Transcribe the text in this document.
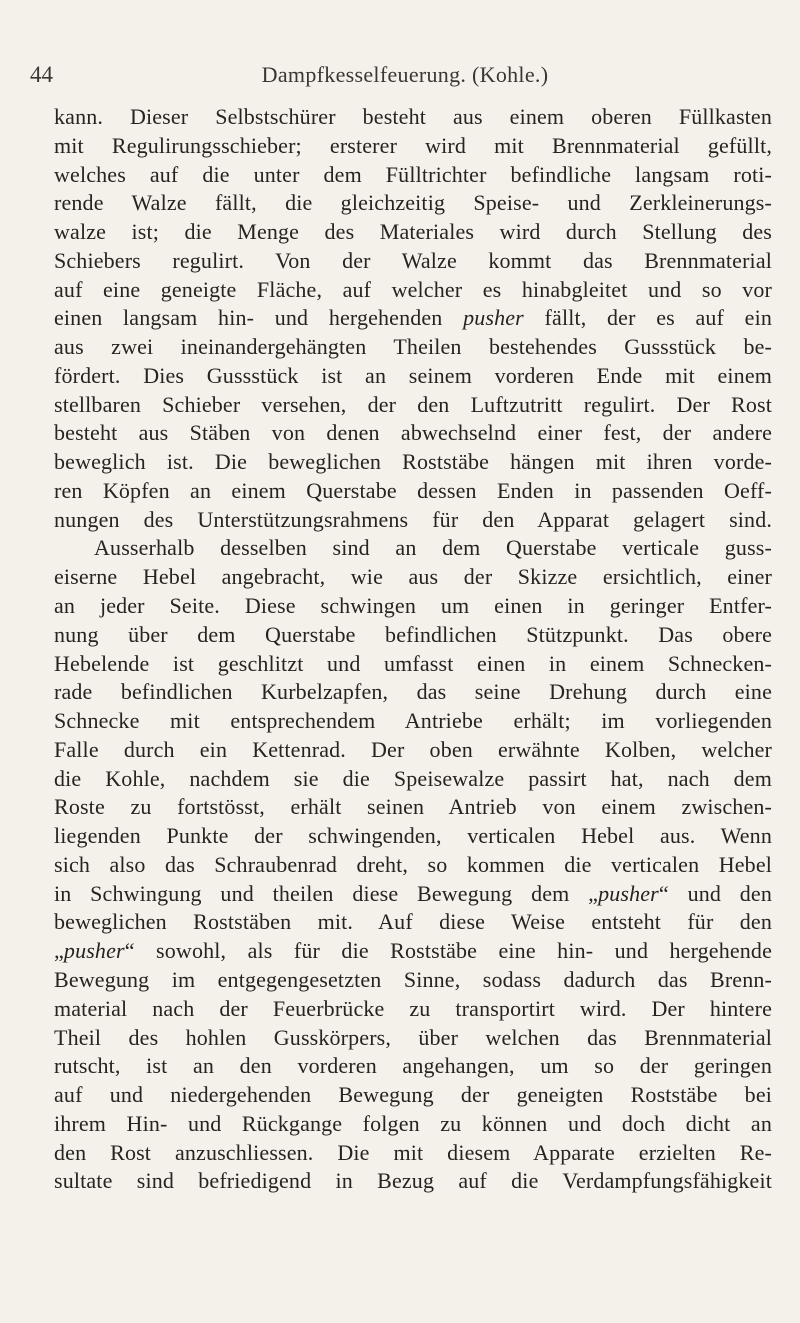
44	Dampfkesselfeuerung. (Kohle.)
kann. Dieser Selbstschürer besteht aus einem oberen Füllkasten
mit Regulirungsschieber; ersterer wird mit Brennmaterial gefüllt,
welches auf die unter dem Fülltrichter befindliche langsam roti-
rende Walze fällt, die gleichzeitig Speise- und Zerkleinerungs-
walze ist; die Menge des Materiales wird durch Stellung des
Schiebers regulirt. Von der Walze kommt das Brennmaterial
auf eine geneigte Fläche, auf welcher es hinabgleitet und so vor
einen langsam hin- und hergehenden pusher fällt, der es auf ein
aus zwei ineinandergehängten Theilen bestehendes Gussstück be-
fördert. Dies Gussstück ist an seinem vorderen Ende mit einem
stellbaren Schieber versehen, der den Luftzutritt regulirt. Der Rost
besteht aus Stäben von denen abwechselnd einer fest, der andere
beweglich ist. Die beweglichen Roststäbe hängen mit ihren vorde-
ren Köpfen an einem Querstabe dessen Enden in passenden Oeff-
nungen des Unterstützungsrahmens für den Apparat gelagert sind.
Ausserhalb desselben sind an dem Querstabe verticale guss-
eiserne Hebel angebracht, wie aus der Skizze ersichtlich, einer
an jeder Seite. Diese schwingen um einen in geringer Entfer-
nung über dem Querstabe befindlichen Stützpunkt. Das obere
Hebelende ist geschlitzt und umfasst einen in einem Schnecken-
rade befindlichen Kurbelzapfen, das seine Drehung durch eine
Schnecke mit entsprechendem Antriebe erhält; im vorliegenden
Falle durch ein Kettenrad. Der oben erwähnte Kolben, welcher
die Kohle, nachdem sie die Speisewalze passirt hat, nach dem
Roste zu fortstösst, erhält seinen Antrieb von einem zwischen-
liegenden Punkte der schwingenden, verticalen Hebel aus. Wenn
sich also das Schraubenrad dreht, so kommen die verticalen Hebel
in Schwingung und theilen diese Bewegung dem „pusher“ und den
beweglichen Roststäben mit. Auf diese Weise entsteht für den
„pusher“ sowohl, als für die Roststäbe eine hin- und hergehende
Bewegung im entgegengesetzten Sinne, sodass dadurch das Brenn-
material nach der Feuerbrücke zu transportirt wird. Der hintere
Theil des hohlen Gusskörpers, über welchen das Brennmaterial
rutscht, ist an den vorderen angehangen, um so der geringen
auf und niedergehenden Bewegung der geneigten Roststäbe bei
ihrem Hin- und Rückgange folgen zu können und doch dicht an
den Rost anzuschliessen. Die mit diesem Apparate erzielten Re-
sultate sind befriedigend in Bezug auf die Verdampfungsfähigkeit
